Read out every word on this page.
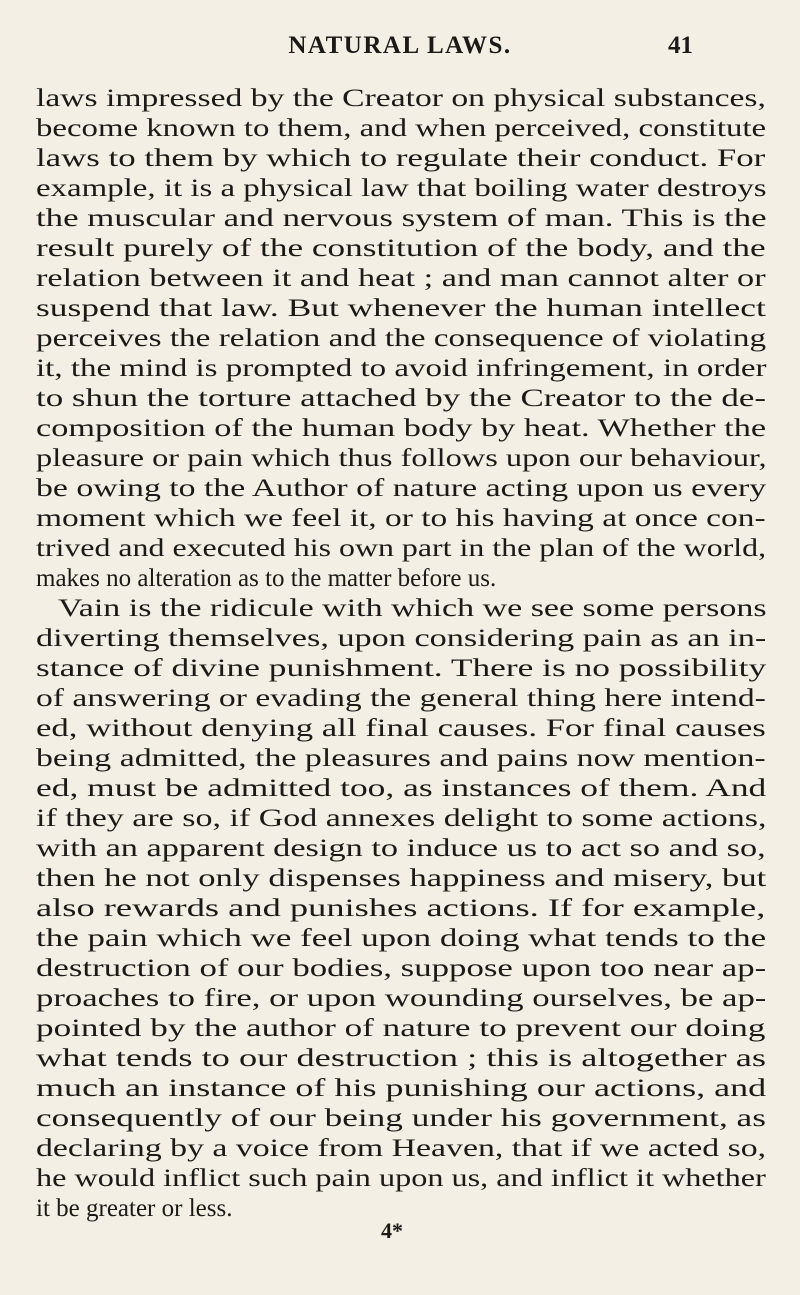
NATURAL LAWS.	41
laws impressed by the Creator on physical substances,
become known to them, and when perceived, constitute
laws to them by which to regulate their conduct. For
example, it is a physical law that boiling water destroys
the muscular and nervous system of man. This is the
result purely of the constitution of the body, and the
relation between it and heat ; and man cannot alter or
suspend that law. But whenever the human intellect
perceives the relation and the consequence of violating
it, the mind is prompted to avoid infringement, in order
to shun the torture attached by the Creator to the de-
composition of the human body by heat. Whether the
pleasure or pain which thus follows upon our behaviour,
be owing to the Author of nature acting upon us every
moment which we feel it, or to his having at once con-
trived and executed his own part in the plan of the world,
makes no alteration as to the matter before us.
Vain is the ridicule with which we see some persons
diverting themselves, upon considering pain as an in-
stance of divine punishment. There is no possibility
of answering or evading the general thing here intend-
ed, without denying all final causes. For final causes
being admitted, the pleasures and pains now mention-
ed, must be admitted too, as instances of them. And
if they are so, if God annexes delight to some actions,
with an apparent design to induce us to act so and so,
then he not only dispenses happiness and misery, but
also rewards and punishes actions. If for example,
the pain which we feel upon doing what tends to the
destruction of our bodies, suppose upon too near ap-
proaches to fire, or upon wounding ourselves, be ap-
pointed by the author of nature to prevent our doing
what tends to our destruction ; this is altogether as
much an instance of his punishing our actions, and
consequently of our being under his government, as
declaring by a voice from Heaven, that if we acted so,
he would inflict such pain upon us, and inflict it whether
it be greater or less.
4*
